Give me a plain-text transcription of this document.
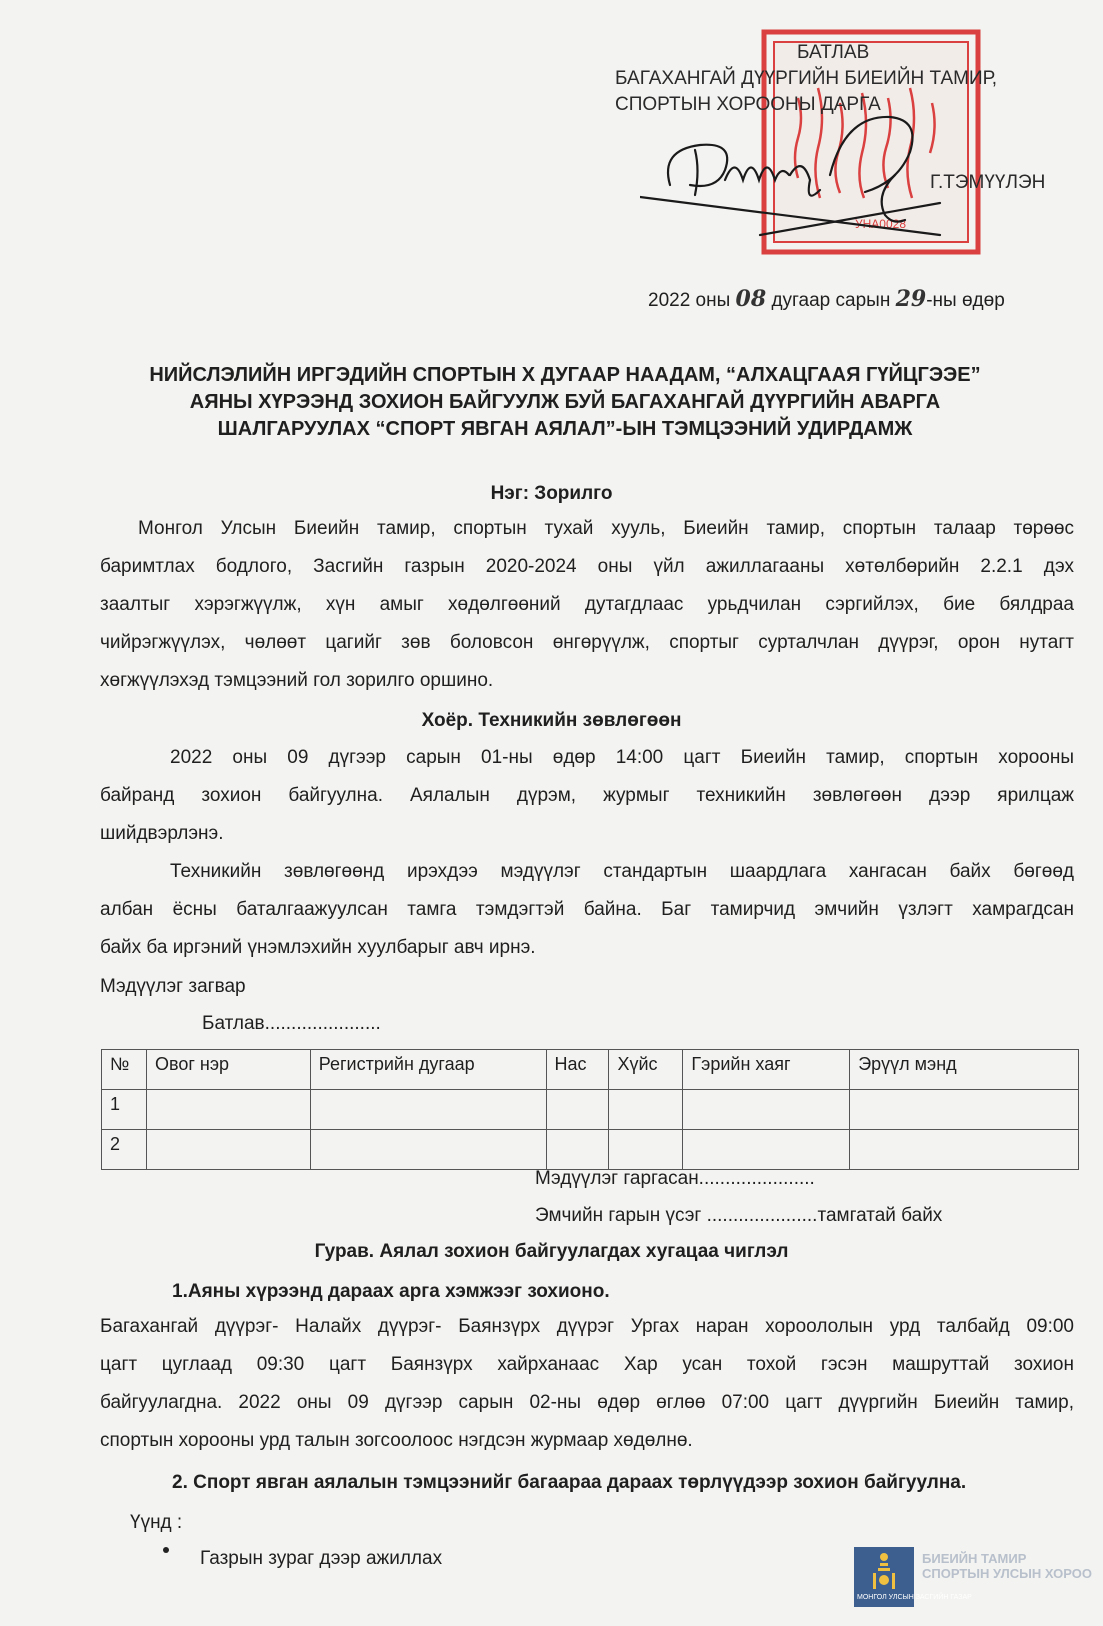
УНА0028
БАТЛАВ
БАГАХАНГАЙ ДҮҮРГИЙН БИЕИЙН ТАМИР,
СПОРТЫН ХОРООНЫ ДАРГА
Г.ТЭМҮҮЛЭН
2022 оны 08 дугаар сарын 29-ны өдөр
НИЙСЛЭЛИЙН ИРГЭДИЙН СПОРТЫН Х ДУГААР НААДАМ, “АЛХАЦГААЯ ГҮЙЦГЭЭЕ”
АЯНЫ ХҮРЭЭНД ЗОХИОН БАЙГУУЛЖ БУЙ БАГАХАНГАЙ ДҮҮРГИЙН АВАРГА
ШАЛГАРУУЛАХ “СПОРТ ЯВГАН АЯЛАЛ”-ЫН ТЭМЦЭЭНИЙ УДИРДАМЖ
Нэг: Зорилго
Монгол Улсын Биеийн тамир, спортын тухай хууль, Биеийн тамир, спортын талаар төрөөс
баримтлах бодлого, Засгийн газрын 2020-2024 оны үйл ажиллагааны хөтөлбөрийн 2.2.1 дэх
заалтыг хэрэгжүүлж, хүн амыг хөдөлгөөний дутагдлаас урьдчилан сэргийлэх, бие бялдраа
чийрэгжүүлэх, чөлөөт цагийг зөв боловсон өнгөрүүлж, спортыг сурталчлан дүүрэг, орон нутагт
хөгжүүлэхэд тэмцээний гол зорилго оршино.
Хоёр. Техникийн зөвлөгөөн
2022 оны 09 дүгээр сарын 01-ны өдөр 14:00 цагт Биеийн тамир, спортын хорооны
байранд зохион байгуулна. Аялалын дүрэм, журмыг техникийн зөвлөгөөн дээр ярилцаж
шийдвэрлэнэ.
Техникийн зөвлөгөөнд ирэхдээ мэдүүлэг стандартын шаардлага хангасан байх бөгөөд
албан ёсны баталгаажуулсан тамга тэмдэгтэй байна. Баг тамирчид эмчийн үзлэгт хамрагдсан
байх ба иргэний үнэмлэхийн хуулбарыг авч ирнэ.
Мэдүүлэг загвар
Батлав......................
№	Овог нэр	Регистрийн дугаар	Нас	Хүйс	Гэрийн хаяг	Эрүүл мэнд
1						
2						
Мэдүүлэг гаргасан......................
Эмчийн гарын үсэг .....................тамгатай байх
Гурав. Аялал зохион байгуулагдах хугацаа чиглэл
1.Аяны хүрээнд дараах арга хэмжээг зохионо.
Багахангай дүүрэг- Налайх дүүрэг- Баянзүрх дүүрэг Ургах наран хороололын урд талбайд 09:00
цагт цуглаад 09:30 цагт Баянзүрх хайрханаас Хар усан тохой гэсэн машруттай зохион
байгуулагдна. 2022 оны 09 дүгээр сарын 02-ны өдөр өглөө 07:00 цагт дүүргийн Биеийн тамир,
спортын хорооны урд талын зогсоолоос нэгдсэн журмаар хөдөлнө.
2. Спорт явган аялалын тэмцээнийг багаараа дараах төрлүүдээр зохион байгуулна.
Үүнд :
Газрын зураг дээр ажиллах
МОНГОЛ УЛСЫН ЗАСГИЙН ГАЗАР
БИЕИЙН ТАМИР СПОРТЫН УЛСЫН ХОРОО
